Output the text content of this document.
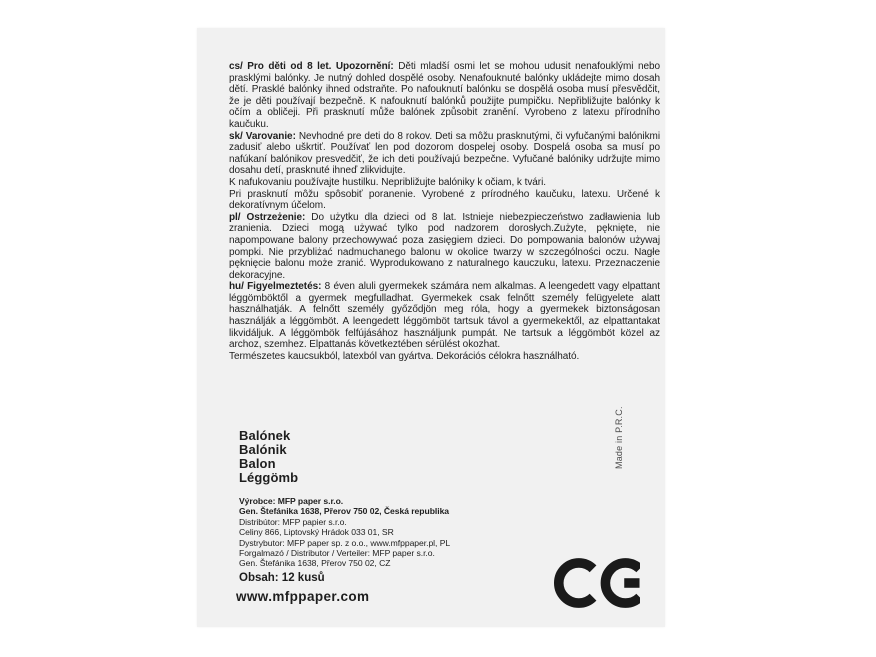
cs/ Pro děti od 8 let. Upozornění: Děti mladší osmi let se mohou udusit nenafouklými nebo prasklými balónky. Je nutný dohled dospělé osoby. Nenafouknuté balónky ukládejte mimo dosah dětí. Prasklé balónky ihned odstraňte. Po nafouknutí balónku se dospělá osoba musí přesvědčit, že je děti používají bezpečně. K nafouknutí balónků použijte pumpičku. Nepřibližujte balónky k očím a obličeji. Při prasknutí může balónek způsobit zranění. Vyrobeno z latexu přírodního kaučuku.

sk/ Varovanie: Nevhodné pre deti do 8 rokov. Deti sa môžu prasknutými, či vyfučanými balónikmi zadusiť alebo uškrtiť. Používať len pod dozorom dospelej osoby. Dospelá osoba sa musí po nafúkaní balónikov presvedčiť, že ich deti používajú bezpečne. Vyfučané balóniky udržujte mimo dosahu detí, prasknuté ihneď zlikvidujte.

K nafukovaniu používajte hustilku. Nepribližujte balóniky k očiam, k tvári.

Pri prasknutí môžu spôsobiť poranenie. Vyrobené z prírodného kaučuku, latexu. Určené k dekoratívnym účelom.

pl/ Ostrzeżenie: Do użytku dla dzieci od 8 lat. Istnieje niebezpieczeństwo zadławienia lub zranienia. Dzieci mogą używać tylko pod nadzorem dorosłych.Zużyte, pęknięte, nie napompowane balony przechowywać poza zasięgiem dzieci. Do pompowania balonów używaj pompki. Nie przybliżać nadmuchanego balonu w okolice twarzy w szczególności oczu. Nagłe pęknięcie balonu może zranić. Wyprodukowano z naturalnego kauczuku, latexu. Przeznaczenie dekoracyjne.

hu/ Figyelmeztetés: 8 éven aluli gyermekek számára nem alkalmas. A leengedett vagy elpattant léggömböktől a gyermek megfulladhat. Gyermekek csak felnőtt személy felügyelete alatt használhatják. A felnőtt személy győződjön meg róla, hogy a gyermekek biztonságosan használják a léggömböt. A leengedett léggömböt tartsuk távol a gyermekektől, az elpattantakat likvidáljuk. A léggömbök felfújásához használjunk pumpát. Ne tartsuk a léggömböt közel az archoz, szemhez. Elpattanás következtében sérülést okozhat.

Természetes kaucsukból, latexból van gyártva. Dekorációs célokra használható.

Balónek
Balónik
Balon
Léggömb
Výrobce: MFP paper s.r.o.
Gen. Štefánika 1638, Přerov 750 02, Česká republika
Distribútor: MFP papier s.r.o.
Celiny 866, Liptovský Hrádok 033 01, SR
Dystrybutor: MFP paper sp. z o.o., www.mfppaper.pl, PL
Forgalmazó / Distributor / Verteiler: MFP paper s.r.o.
Gen. Štefánika 1638, Přerov 750 02, CZ
Obsah: 12 kusů
www.mfppaper.com
Made in P.R.C.
